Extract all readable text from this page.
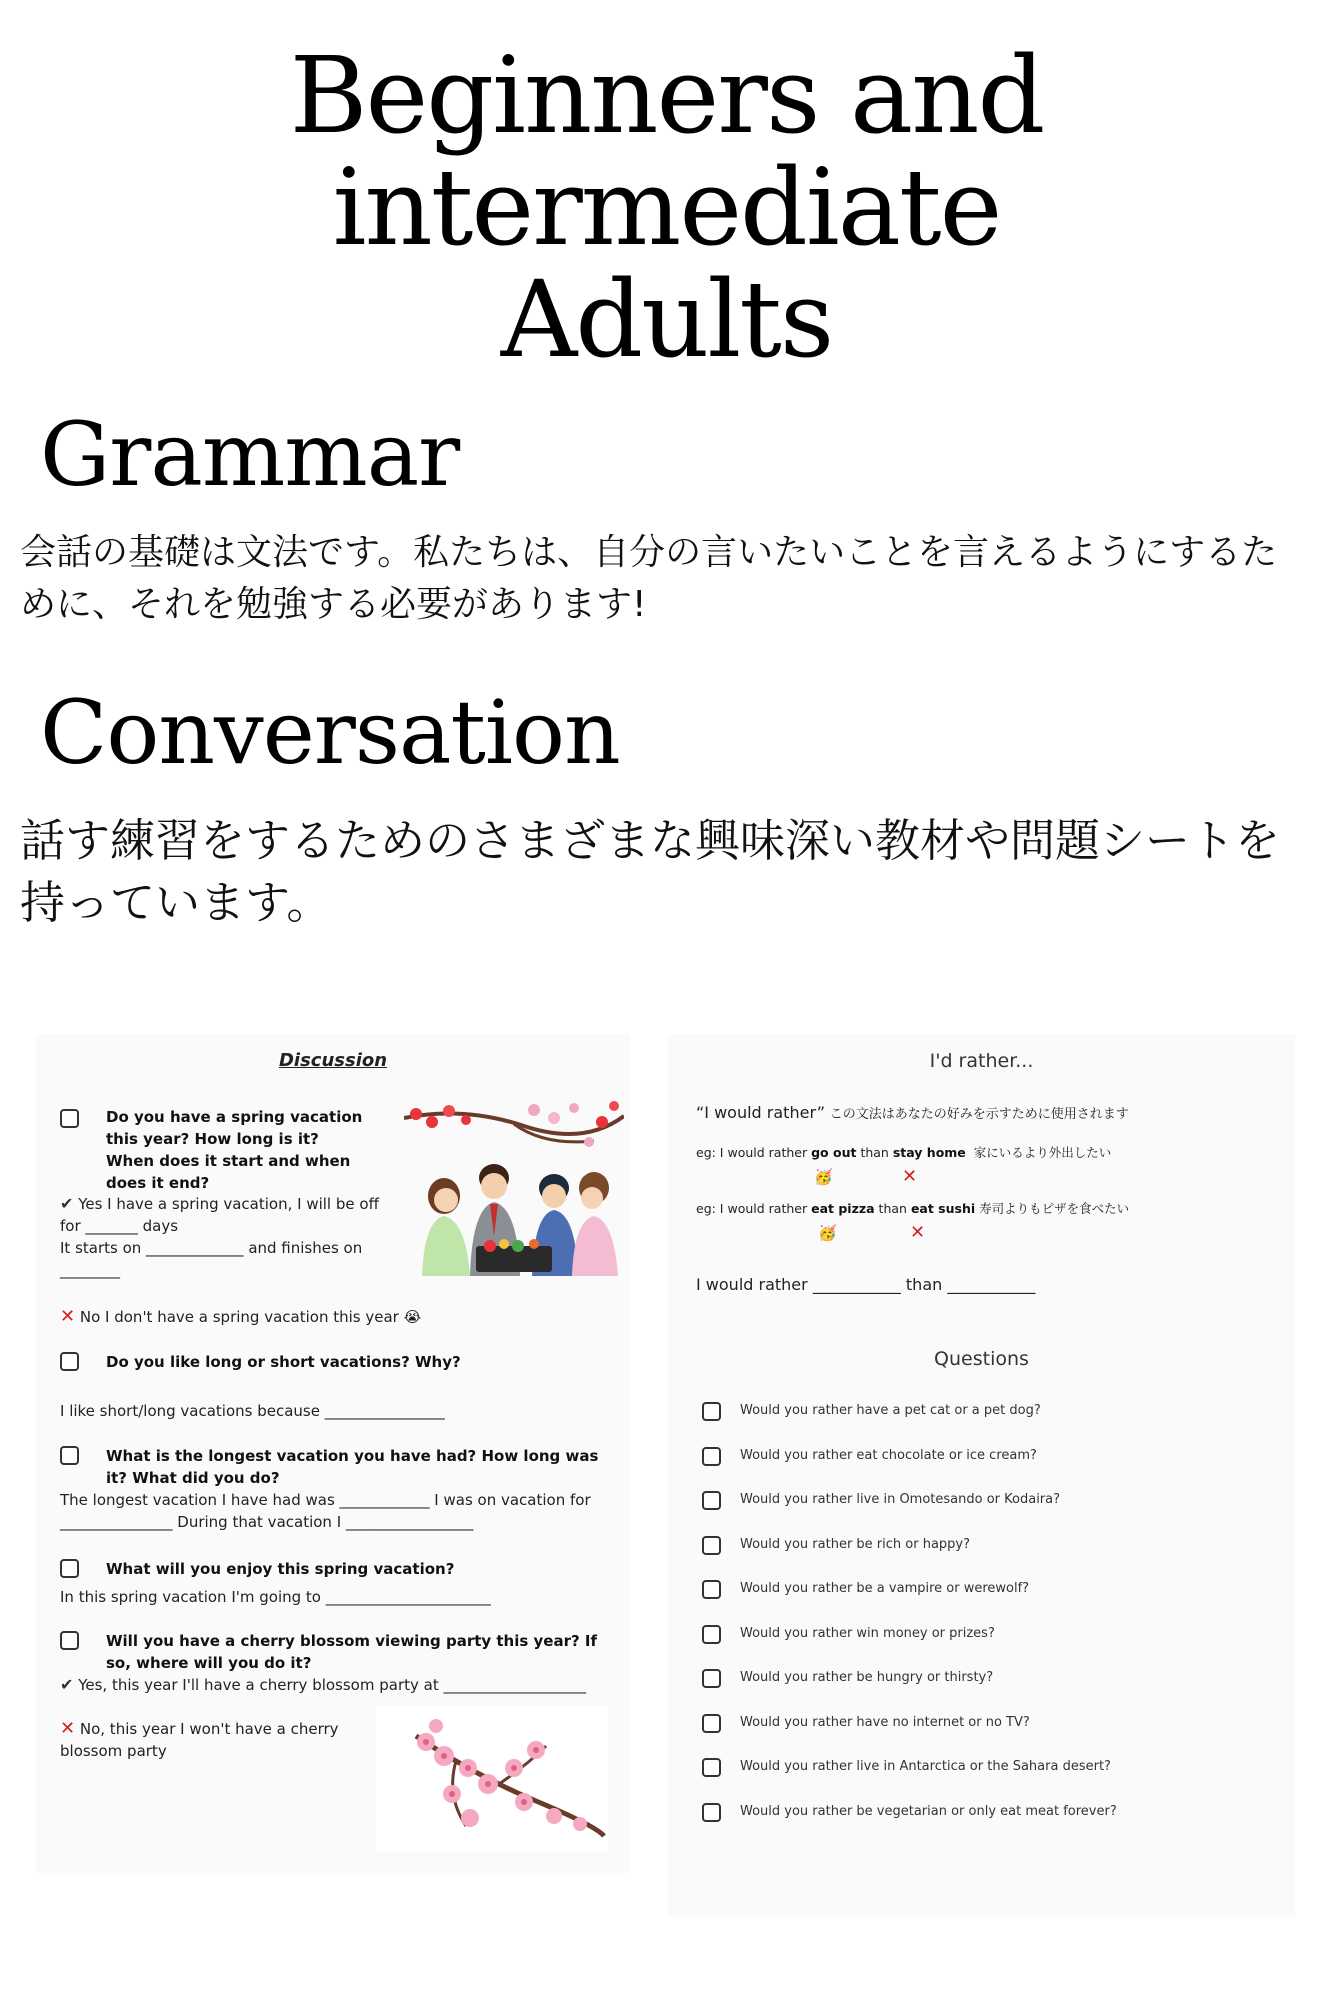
Beginners and
intermediate
Adults
Grammar
会話の基礎は文法です。私たちは、自分の言いたいことを言えるようにするために、それを勉強する必要があります!
Conversation
話す練習をするためのさまざまな興味深い教材や問題シートを持っています。
Discussion
Do you have a spring vacation this year? How long is it? When does it start and when does it end?
✔ Yes I have a spring vacation, I will be off
for _______ days
It starts on _____________ and finishes on
________
✕ No I don't have a spring vacation this year 😭
Do you like long or short vacations? Why?
I like short/long vacations because ________________
What is the longest vacation you have had? How long was it? What did you do?
The longest vacation I have had was ____________ I was on vacation for
_______________ During that vacation I _________________
What will you enjoy this spring vacation?
In this spring vacation I'm going to ______________________
Will you have a cherry blossom viewing party this year? If so, where will you do it?
✔ Yes, this year I'll have a cherry blossom party at ___________________
✕ No, this year I won't have a cherry blossom party
I'd rather...
“I would rather” この文法はあなたの好みを示すために使用されます
eg: I would rather go out than stay home 家にいるより外出したい
🥳	✕
eg: I would rather eat pizza than eat sushi 寿司よりもピザを食べたい
🥳	✕
I would rather ___________ than ___________
Questions
Would you rather have a pet cat or a pet dog?
Would you rather eat chocolate or ice cream?
Would you rather live in Omotesando or Kodaira?
Would you rather be rich or happy?
Would you rather be a vampire or werewolf?
Would you rather win money or prizes?
Would you rather be hungry or thirsty?
Would you rather have no internet or no TV?
Would you rather live in Antarctica or the Sahara desert?
Would you rather be vegetarian or only eat meat forever?
